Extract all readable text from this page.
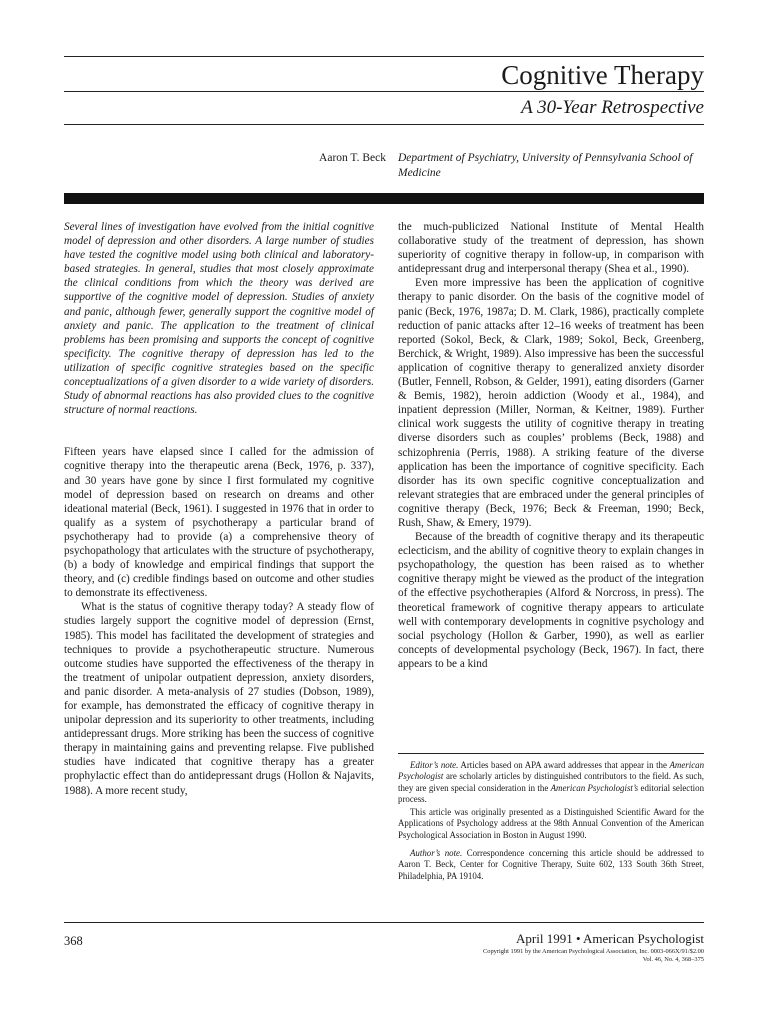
Cognitive Therapy
A 30-Year Retrospective
Aaron T. Beck Department of Psychiatry, University of Pennsylvania School of Medicine

Several lines of investigation have evolved from the initial cognitive model of depression and other disorders. A large number of studies have tested the cognitive model using both clinical and laboratory-based strategies. In general, studies that most closely approximate the clinical conditions from which the theory was derived are supportive of the cognitive model of depression. Studies of anxiety and panic, although fewer, generally support the cognitive model of anxiety and panic. The application to the treatment of clinical problems has been promising and supports the concept of cognitive specificity. The cognitive therapy of depression has led to the utilization of specific cognitive strategies based on the specific conceptualizations of a given disorder to a wide variety of disorders. Study of abnormal reactions has also provided clues to the cognitive structure of normal reactions.

Fifteen years have elapsed since I called for the admission of cognitive therapy into the therapeutic arena (Beck, 1976, p. 337), and 30 years have gone by since I first formulated my cognitive model of depression based on research on dreams and other ideational material (Beck, 1961). I suggested in 1976 that in order to qualify as a system of psychotherapy a particular brand of psychotherapy had to provide (a) a comprehensive theory of psychopathology that articulates with the structure of psychotherapy, (b) a body of knowledge and empirical findings that support the theory, and (c) credible findings based on outcome and other studies to demonstrate its effectiveness.

What is the status of cognitive therapy today? A steady flow of studies largely support the cognitive model of depression (Ernst, 1985). This model has facilitated the development of strategies and techniques to provide a psychotherapeutic structure. Numerous outcome studies have supported the effectiveness of the therapy in the treatment of unipolar outpatient depression, anxiety disorders, and panic disorder. A meta-analysis of 27 studies (Dobson, 1989), for example, has demonstrated the efficacy of cognitive therapy in unipolar depression and its superiority to other treatments, including antidepressant drugs. More striking has been the success of cognitive therapy in maintaining gains and preventing relapse. Five published studies have indicated that cognitive therapy has a greater prophylactic effect than do antidepressant drugs (Hollon & Najavits, 1988). A more recent study,

the much-publicized National Institute of Mental Health collaborative study of the treatment of depression, has shown superiority of cognitive therapy in follow-up, in comparison with antidepressant drug and interpersonal therapy (Shea et al., 1990).

Even more impressive has been the application of cognitive therapy to panic disorder. On the basis of the cognitive model of panic (Beck, 1976, 1987a; D. M. Clark, 1986), practically complete reduction of panic attacks after 12–16 weeks of treatment has been reported (Sokol, Beck, & Clark, 1989; Sokol, Beck, Greenberg, Berchick, & Wright, 1989). Also impressive has been the successful application of cognitive therapy to generalized anxiety disorder (Butler, Fennell, Robson, & Gelder, 1991), eating disorders (Garner & Bemis, 1982), heroin addiction (Woody et al., 1984), and inpatient depression (Miller, Norman, & Keitner, 1989). Further clinical work suggests the utility of cognitive therapy in treating diverse disorders such as couples’ problems (Beck, 1988) and schizophrenia (Perris, 1988). A striking feature of the diverse application has been the importance of cognitive specificity. Each disorder has its own specific cognitive conceptualization and relevant strategies that are embraced under the general principles of cognitive therapy (Beck, 1976; Beck & Freeman, 1990; Beck, Rush, Shaw, & Emery, 1979).

Because of the breadth of cognitive therapy and its therapeutic eclecticism, and the ability of cognitive theory to explain changes in psychopathology, the question has been raised as to whether cognitive therapy might be viewed as the product of the integration of the effective psychotherapies (Alford & Norcross, in press). The theoretical framework of cognitive therapy appears to articulate well with contemporary developments in cognitive psychology and social psychology (Hollon & Garber, 1990), as well as earlier concepts of developmental psychology (Beck, 1967). In fact, there appears to be a kind

Editor’s note. Articles based on APA award addresses that appear in the American Psychologist are scholarly articles by distinguished contributors to the field. As such, they are given special consideration in the American Psychologist’s editorial selection process.

This article was originally presented as a Distinguished Scientific Award for the Applications of Psychology address at the 98th Annual Convention of the American Psychological Association in Boston in August 1990.

Author’s note. Correspondence concerning this article should be addressed to Aaron T. Beck, Center for Cognitive Therapy, Suite 602, 133 South 36th Street, Philadelphia, PA 19104.

368	April 1991 • American Psychologist
Copyright 1991 by the American Psychological Association, Inc. 0003-066X/91/$2.00
Vol. 46, No. 4, 368–375
